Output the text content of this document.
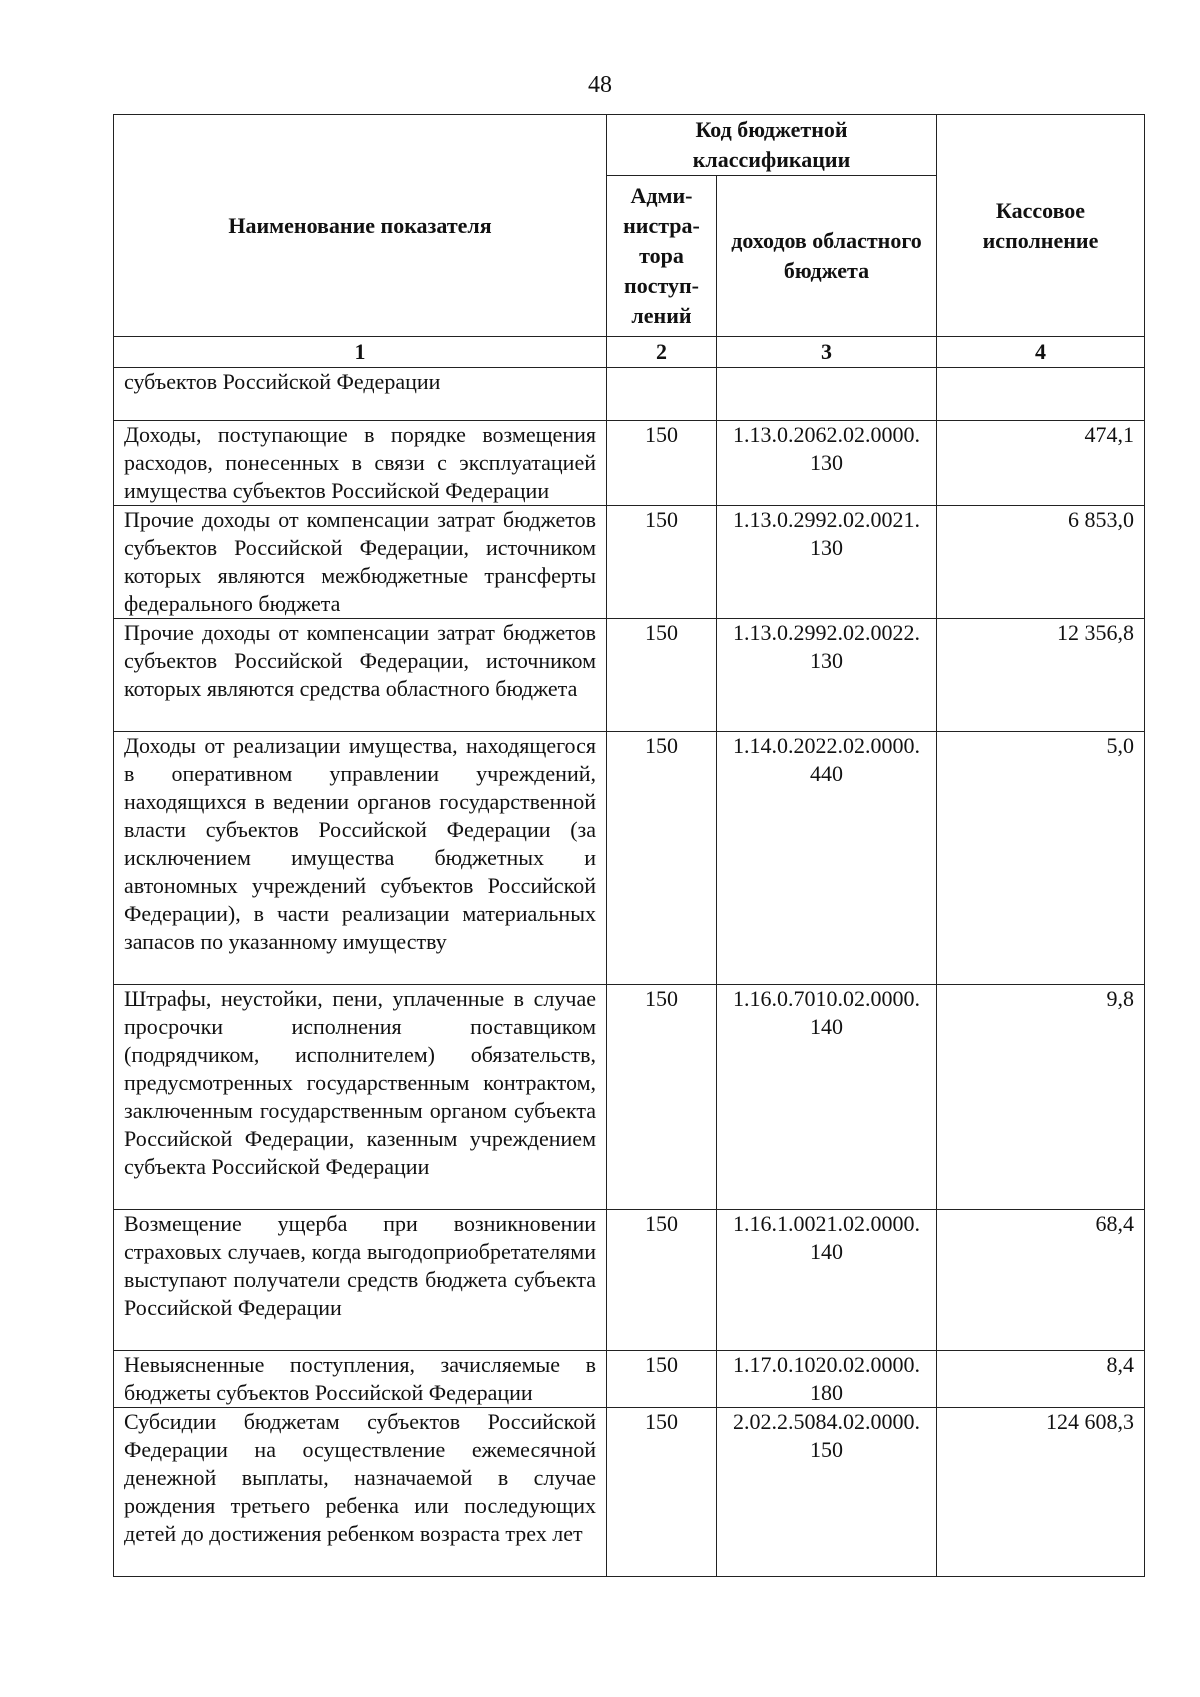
48
Наименование показателя	Код бюджетной классификации		Кассовое исполнение
	Адми-нистра-тора поступ-лений	доходов областного бюджета	
1	2	3	4
субъектов Российской Федерации			
Доходы, поступающие в порядке возмещения расходов, понесенных в связи с эксплуатацией имущества субъектов Российской Федерации	150	1.13.0.2062.02.0000. 130	474,1
Прочие доходы от компенсации затрат бюджетов субъектов Российской Федерации, источником которых являются межбюджетные трансферты федерального бюджета	150	1.13.0.2992.02.0021. 130	6 853,0
Прочие доходы от компенсации затрат бюджетов субъектов Российской Федерации, источником которых являются средства областного бюджета	150	1.13.0.2992.02.0022. 130	12 356,8
Доходы от реализации имущества, находящегося в оперативном управлении учреждений, находящихся в ведении органов государственной власти субъектов Российской Федерации (за исключением имущества бюджетных и автономных учреждений субъектов Российской Федерации), в части реализации материальных запасов по указанному имуществу	150	1.14.0.2022.02.0000. 440	5,0
Штрафы, неустойки, пени, уплаченные в случае просрочки исполнения поставщиком (подрядчиком, исполнителем) обязательств, предусмотренных государственным контрактом, заключенным государственным органом субъекта Российской Федерации, казенным учреждением субъекта Российской Федерации	150	1.16.0.7010.02.0000. 140	9,8
Возмещение ущерба при возникновении страховых случаев, когда выгодоприобретателями выступают получатели средств бюджета субъекта Российской Федерации	150	1.16.1.0021.02.0000. 140	68,4
Невыясненные поступления, зачисляемые в бюджеты субъектов Российской Федерации	150	1.17.0.1020.02.0000. 180	8,4
Субсидии бюджетам субъектов Российской Федерации на осуществление ежемесячной денежной выплаты, назначаемой в случае рождения третьего ребенка или последующих детей до достижения ребенком возраста трех лет	150	2.02.2.5084.02.0000. 150	124 608,3
